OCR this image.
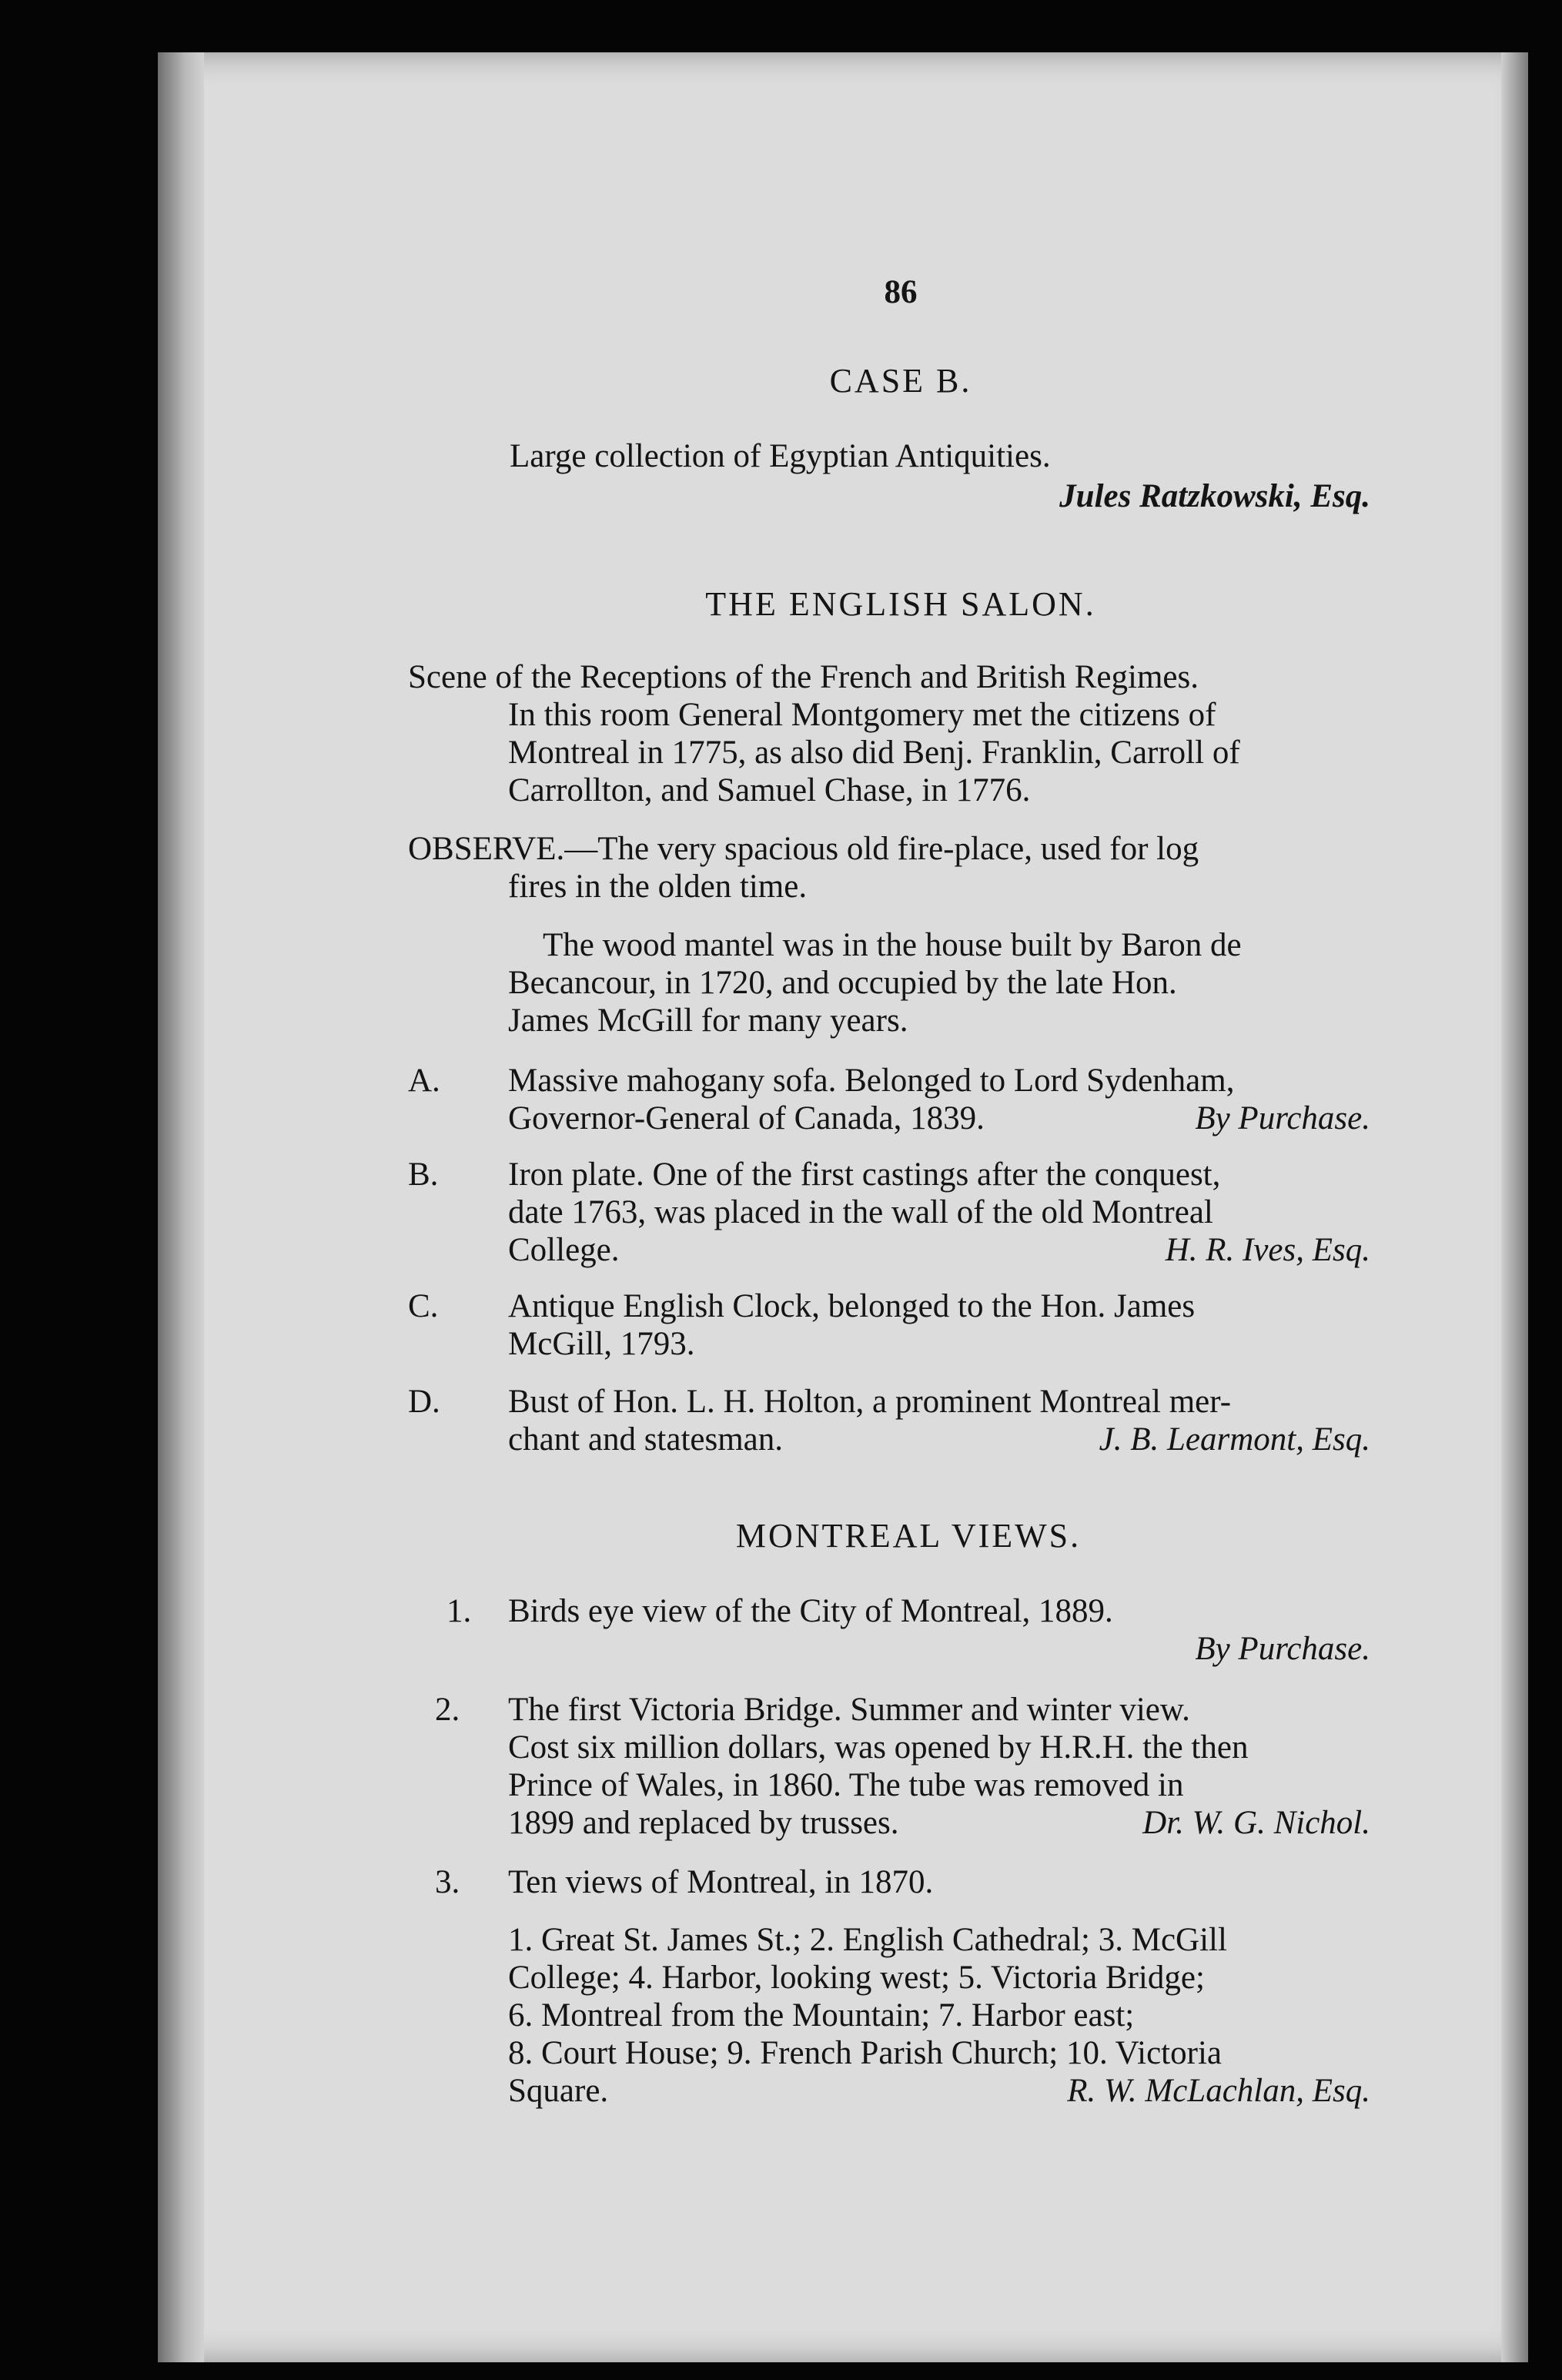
86
CASE B.
Large collection of Egyptian Antiquities.
Jules Ratzkowski, Esq.
THE ENGLISH SALON.
Scene of the Receptions of the French and British Regimes.
In this room General Montgomery met the citizens of
Montreal in 1775, as also did Benj. Franklin, Carroll of
Carrollton, and Samuel Chase, in 1776.
OBSERVE.—The very spacious old fire-place, used for log
fires in the olden time.
The wood mantel was in the house built by Baron de
Becancour, in 1720, and occupied by the late Hon.
James McGill for many years.
A. Massive mahogany sofa. Belonged to Lord Sydenham,
Governor-General of Canada, 1839.	By Purchase.
B. Iron plate. One of the first castings after the conquest,
date 1763, was placed in the wall of the old Montreal
College.	H. R. Ives, Esq.
C. Antique English Clock, belonged to the Hon. James
McGill, 1793.
D. Bust of Hon. L. H. Holton, a prominent Montreal mer-
chant and statesman.	J. B. Learmont, Esq.
MONTREAL VIEWS.
1. Birds eye view of the City of Montreal, 1889.
By Purchase.
2. The first Victoria Bridge. Summer and winter view.
Cost six million dollars, was opened by H.R.H. the then
Prince of Wales, in 1860. The tube was removed in
1899 and replaced by trusses.	Dr. W. G. Nichol.
3. Ten views of Montreal, in 1870.
1. Great St. James St.; 2. English Cathedral; 3. McGill
College; 4. Harbor, looking west; 5. Victoria Bridge;
6. Montreal from the Mountain; 7. Harbor east;
8. Court House; 9. French Parish Church; 10. Victoria
Square.	R. W. McLachlan, Esq.
